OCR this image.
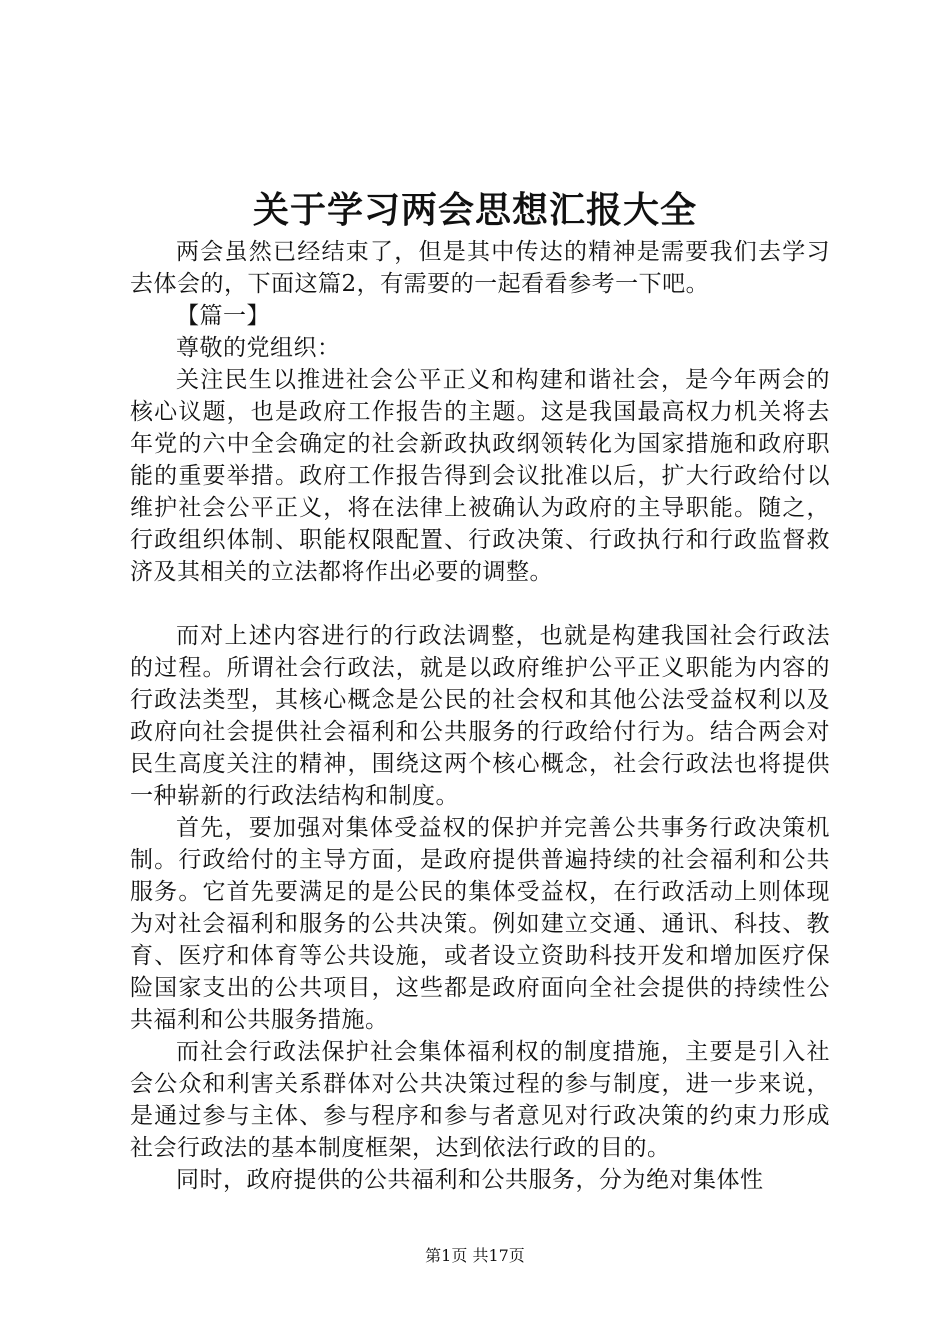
关于学习两会思想汇报大全

两会虽然已经结束了，但是其中传达的精神是需要我们去学习去体会的，下面这篇2，有需要的一起看看参考一下吧。

【篇一】

尊敬的党组织：

关注民生以推进社会公平正义和构建和谐社会，是今年两会的核心议题，也是政府工作报告的主题。这是我国最高权力机关将去年党的六中全会确定的社会新政执政纲领转化为国家措施和政府职能的重要举措。政府工作报告得到会议批准以后，扩大行政给付以维护社会公平正义，将在法律上被确认为政府的主导职能。随之，行政组织体制、职能权限配置、行政决策、行政执行和行政监督救济及其相关的立法都将作出必要的调整。

而对上述内容进行的行政法调整，也就是构建我国社会行政法的过程。所谓社会行政法，就是以政府维护公平正义职能为内容的行政法类型，其核心概念是公民的社会权和其他公法受益权利以及政府向社会提供社会福利和公共服务的行政给付行为。结合两会对民生高度关注的精神，围绕这两个核心概念，社会行政法也将提供一种崭新的行政法结构和制度。

首先，要加强对集体受益权的保护并完善公共事务行政决策机制。行政给付的主导方面，是政府提供普遍持续的社会福利和公共服务。它首先要满足的是公民的集体受益权，在行政活动上则体现为对社会福利和服务的公共决策。例如建立交通、通讯、科技、教育、医疗和体育等公共设施，或者设立资助科技开发和增加医疗保险国家支出的公共项目，这些都是政府面向全社会提供的持续性公共福利和公共服务措施。

而社会行政法保护社会集体福利权的制度措施，主要是引入社会公众和利害关系群体对公共决策过程的参与制度，进一步来说，是通过参与主体、参与程序和参与者意见对行政决策的约束力形成社会行政法的基本制度框架，达到依法行政的目的。

同时，政府提供的公共福利和公共服务，分为绝对集体性

第1页 共17页
